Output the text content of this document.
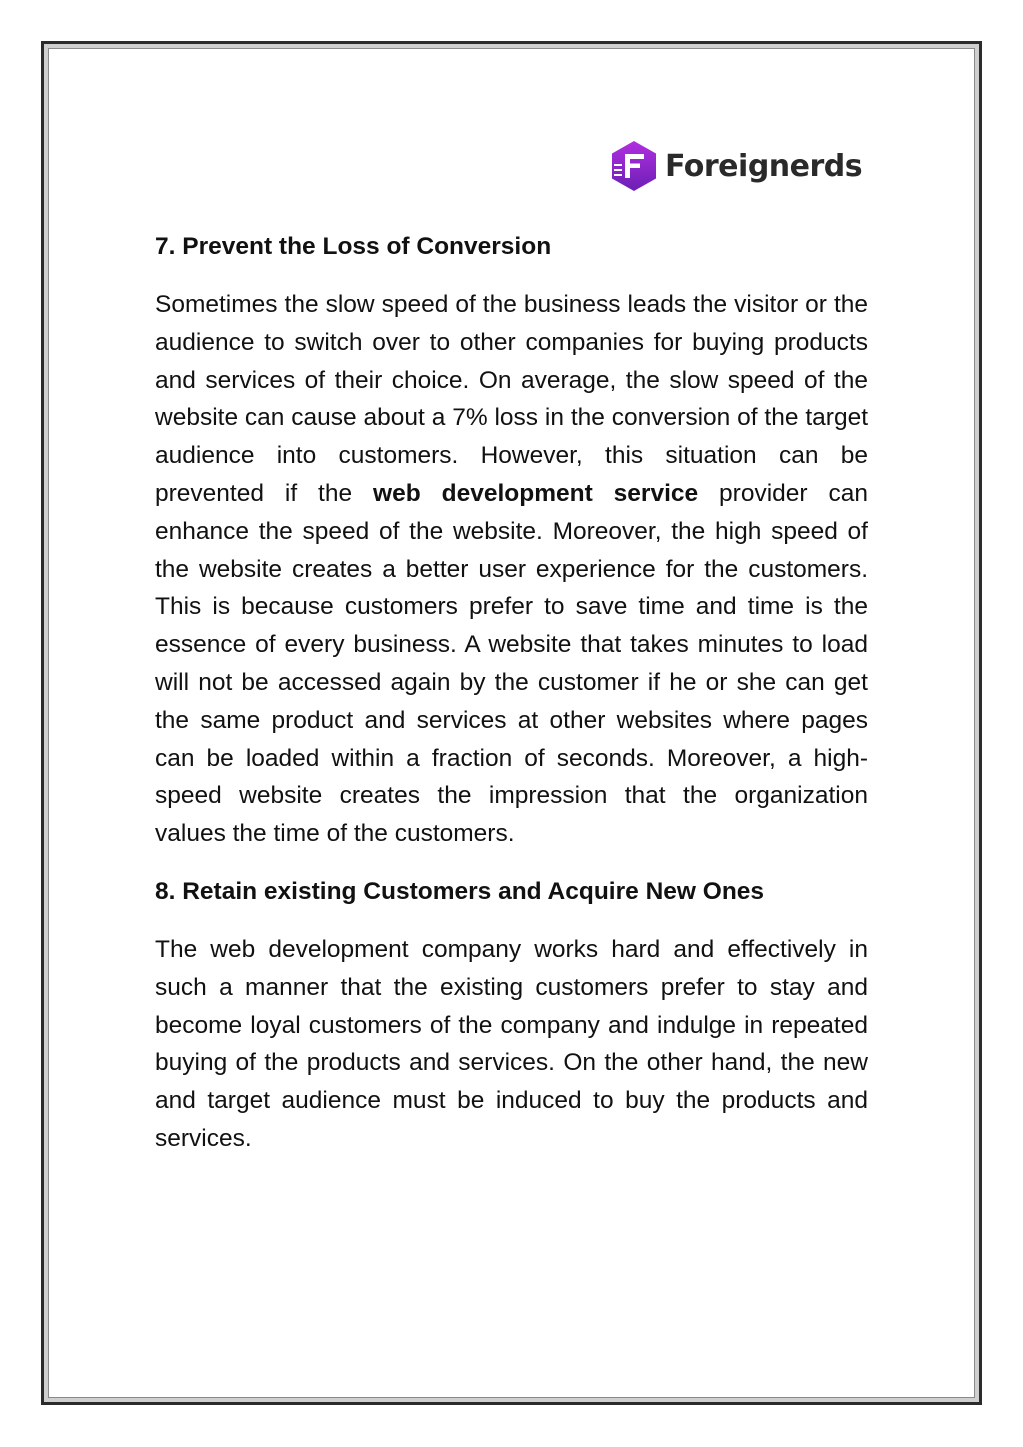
Foreignerds
7. Prevent the Loss of Conversion
Sometimes the slow speed of the business leads the visitor or the audience to switch over to other companies for buying products and services of their choice. On average, the slow speed of the website can cause about a 7% loss in the conversion of the target audience into customers. However, this situation can be prevented if the web development service provider can enhance the speed of the website. Moreover, the high speed of the website creates a better user experience for the customers. This is because customers prefer to save time and time is the essence of every business. A website that takes minutes to load will not be accessed again by the customer if he or she can get the same product and services at other websites where pages can be loaded within a fraction of seconds. Moreover, a high-speed website creates the impression that the organization values the time of the customers.
8. Retain existing Customers and Acquire New Ones
The web development company works hard and effectively in such a manner that the existing customers prefer to stay and become loyal customers of the company and indulge in repeated buying of the products and services. On the other hand, the new and target audience must be induced to buy the products and services.
